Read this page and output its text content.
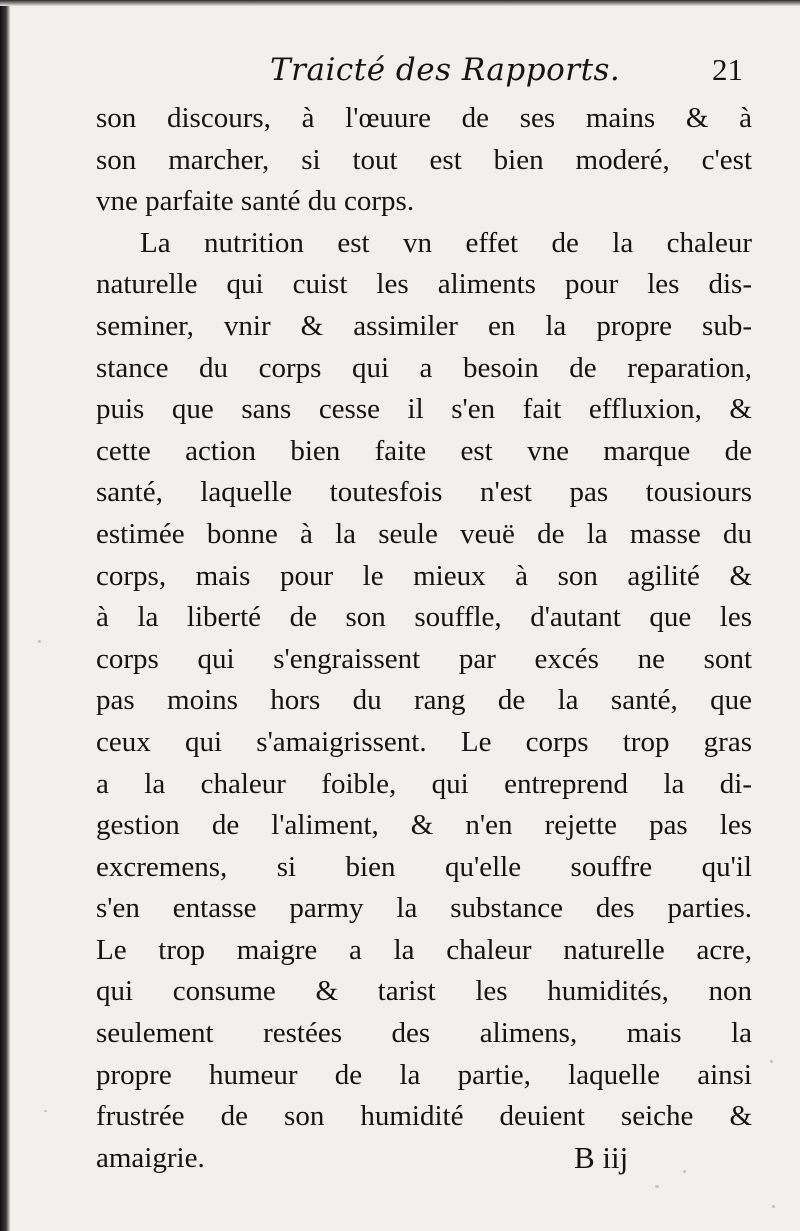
Traicté des Rapports.	21
son discours, à l'œuure de ses mains & à
son marcher, si tout est bien moderé, c'est
vne parfaite santé du corps.
La nutrition est vn effet de la chaleur
naturelle qui cuist les aliments pour les dis-
seminer, vnir & assimiler en la propre sub-
stance du corps qui a besoin de reparation,
puis que sans cesse il s'en fait effluxion, &
cette action bien faite est vne marque de
santé, laquelle toutesfois n'est pas tousiours
estimée bonne à la seule veuë de la masse du
corps, mais pour le mieux à son agilité &
à la liberté de son souffle, d'autant que les
corps qui s'engraissent par excés ne sont
pas moins hors du rang de la santé, que
ceux qui s'amaigrissent. Le corps trop gras
a la chaleur foible, qui entreprend la di-
gestion de l'aliment, & n'en rejette pas les
excremens, si bien qu'elle souffre qu'il
s'en entasse parmy la substance des parties.
Le trop maigre a la chaleur naturelle acre,
qui consume & tarist les humidités, non
seulement restées des alimens, mais la
propre humeur de la partie, laquelle ainsi
frustrée de son humidité deuient seiche &
amaigrie.	B iij
